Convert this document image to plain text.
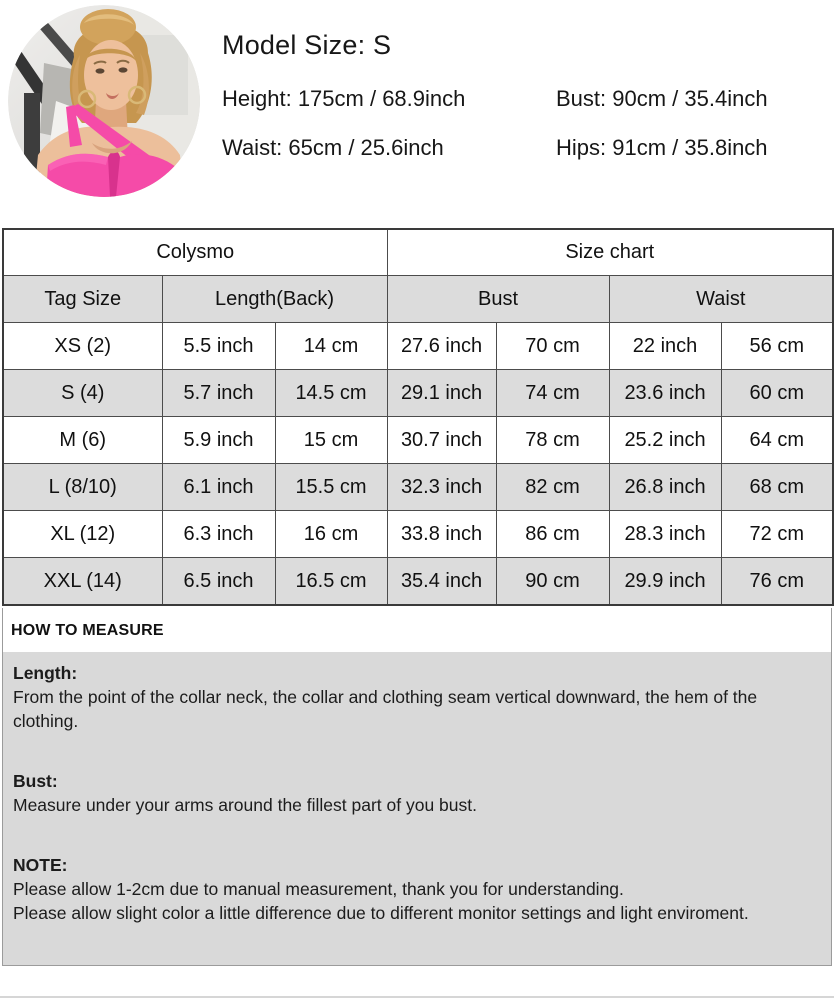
Model Size: S
Height: 175cm / 68.9inch	Bust: 90cm / 35.4inch
Waist: 65cm / 25.6inch	Hips: 91cm / 35.8inch
Colysmo			Size chart			
Tag Size	Length(Back)		Bust		Waist	
XS (2)	5.5 inch	14 cm	27.6 inch	70 cm	22 inch	56 cm
S (4)	5.7 inch	14.5 cm	29.1 inch	74 cm	23.6 inch	60 cm
M (6)	5.9 inch	15 cm	30.7 inch	78 cm	25.2 inch	64 cm
L (8/10)	6.1 inch	15.5 cm	32.3 inch	82 cm	26.8 inch	68 cm
XL (12)	6.3 inch	16 cm	33.8 inch	86 cm	28.3 inch	72 cm
XXL (14)	6.5 inch	16.5 cm	35.4 inch	90 cm	29.9 inch	76 cm
HOW TO MEASURE
Length:
From the point of the collar neck, the collar and clothing seam vertical downward, the hem of the clothing.
Bust:
Measure under your arms around the fillest part of you bust.
NOTE:
Please allow 1-2cm due to manual measurement, thank you for understanding.
Please allow slight color a little difference due to different monitor settings and light enviroment.
